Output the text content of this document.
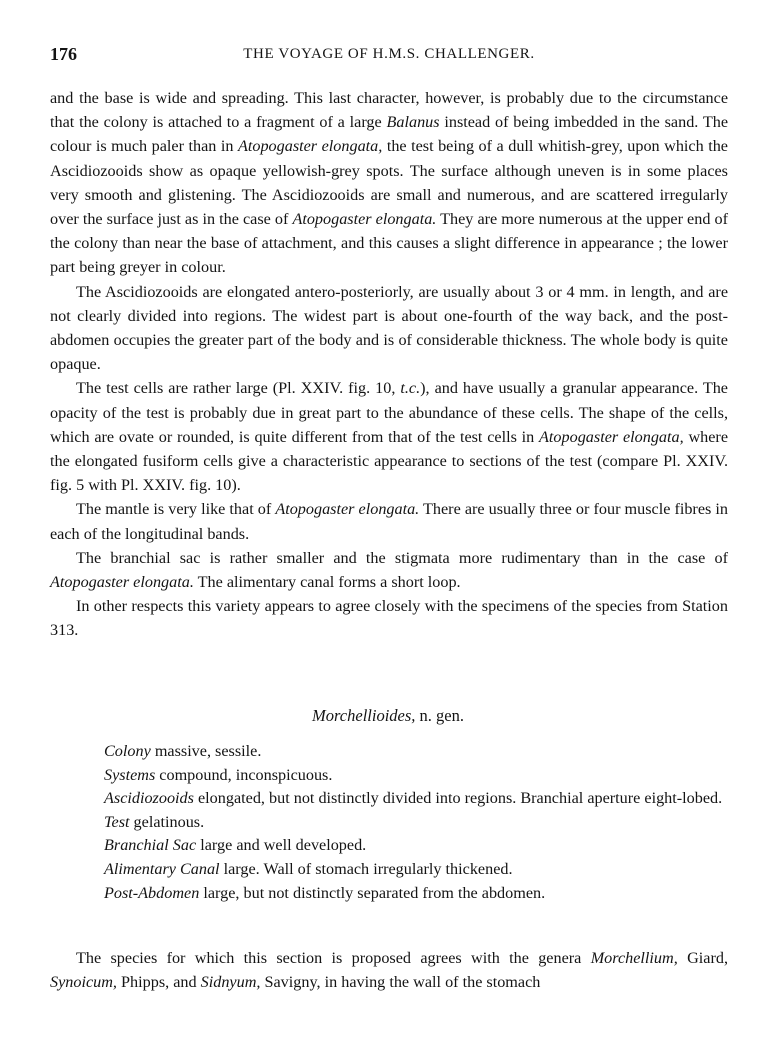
176	THE VOYAGE OF H.M.S. CHALLENGER.

and the base is wide and spreading. This last character, however, is probably due to the circumstance that the colony is attached to a fragment of a large Balanus instead of being imbedded in the sand. The colour is much paler than in Atopogaster elongata, the test being of a dull whitish-grey, upon which the Ascidiozooids show as opaque yellowish-grey spots. The surface although uneven is in some places very smooth and glistening. The Ascidiozooids are small and numerous, and are scattered irregularly over the surface just as in the case of Atopogaster elongata. They are more numerous at the upper end of the colony than near the base of attachment, and this causes a slight difference in appearance ; the lower part being greyer in colour.

The Ascidiozooids are elongated antero-posteriorly, are usually about 3 or 4 mm. in length, and are not clearly divided into regions. The widest part is about one-fourth of the way back, and the post-abdomen occupies the greater part of the body and is of considerable thickness. The whole body is quite opaque.

The test cells are rather large (Pl. XXIV. fig. 10, t.c.), and have usually a granular appearance. The opacity of the test is probably due in great part to the abundance of these cells. The shape of the cells, which are ovate or rounded, is quite different from that of the test cells in Atopogaster elongata, where the elongated fusiform cells give a characteristic appearance to sections of the test (compare Pl. XXIV. fig. 5 with Pl. XXIV. fig. 10).

The mantle is very like that of Atopogaster elongata. There are usually three or four muscle fibres in each of the longitudinal bands.

The branchial sac is rather smaller and the stigmata more rudimentary than in the case of Atopogaster elongata. The alimentary canal forms a short loop.

In other respects this variety appears to agree closely with the specimens of the species from Station 313.

Morchellioides, n. gen.

Colony massive, sessile.

Systems compound, inconspicuous.

Ascidiozooids elongated, but not distinctly divided into regions. Branchial aperture eight-lobed.

Test gelatinous.

Branchial Sac large and well developed.

Alimentary Canal large. Wall of stomach irregularly thickened.

Post-Abdomen large, but not distinctly separated from the abdomen.

The species for which this section is proposed agrees with the genera Morchellium, Giard, Synoicum, Phipps, and Sidnyum, Savigny, in having the wall of the stomach
